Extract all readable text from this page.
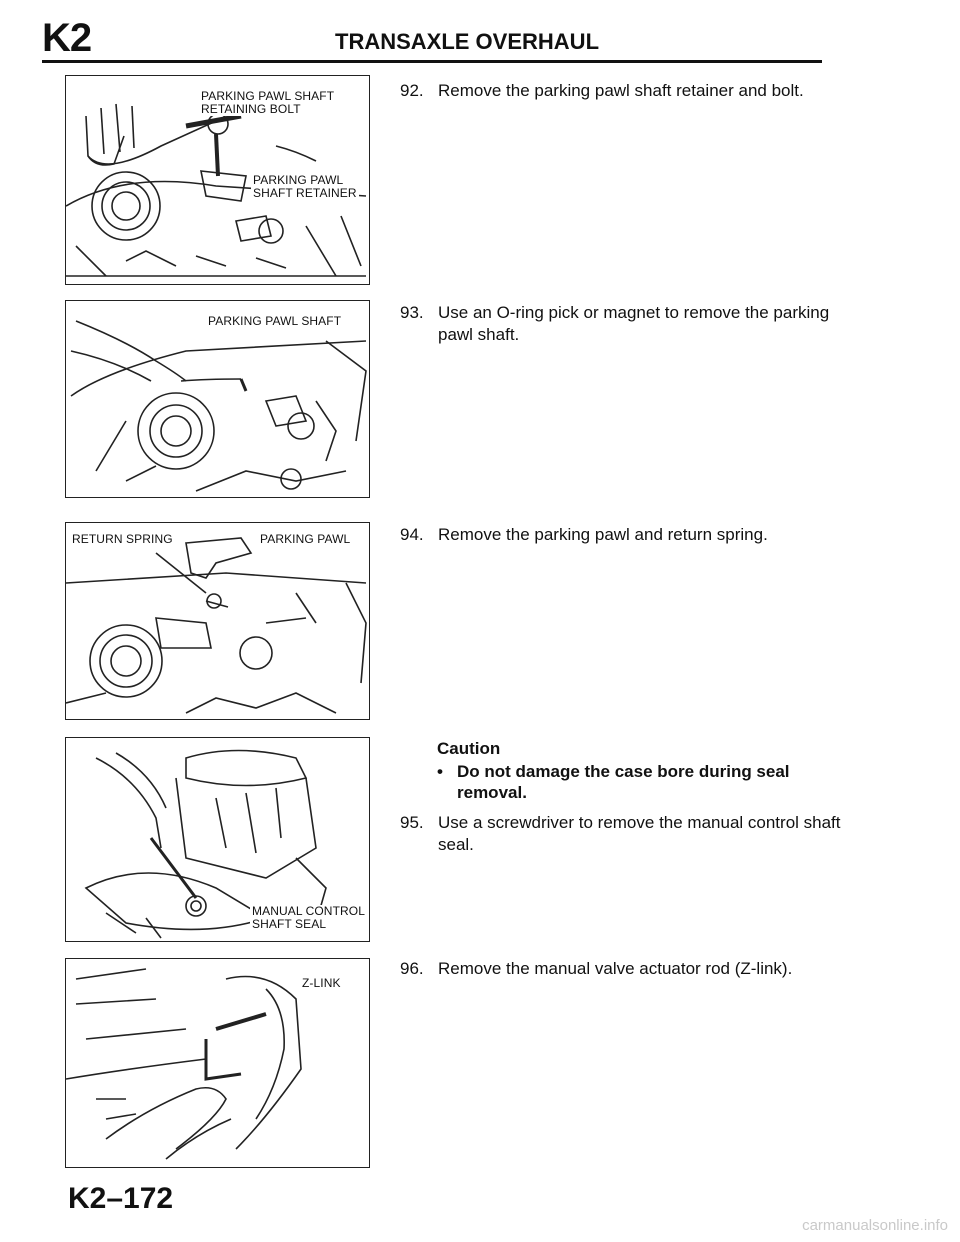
K2	TRANSAXLE OVERHAUL
PARKING PAWL SHAFT
RETAINING BOLT
PARKING PAWL
SHAFT RETAINER
PARKING PAWL SHAFT
RETURN SPRING	PARKING PAWL
MANUAL CONTROL
SHAFT SEAL
Z-LINK
92. Remove the parking pawl shaft retainer and bolt.
93. Use an O-ring pick or magnet to remove the parking pawl shaft.
94. Remove the parking pawl and return spring.
Caution
• Do not damage the case bore during seal removal.
95. Use a screwdriver to remove the manual control shaft seal.
96. Remove the manual valve actuator rod (Z-link).
K2–172
carmanualsonline.info
